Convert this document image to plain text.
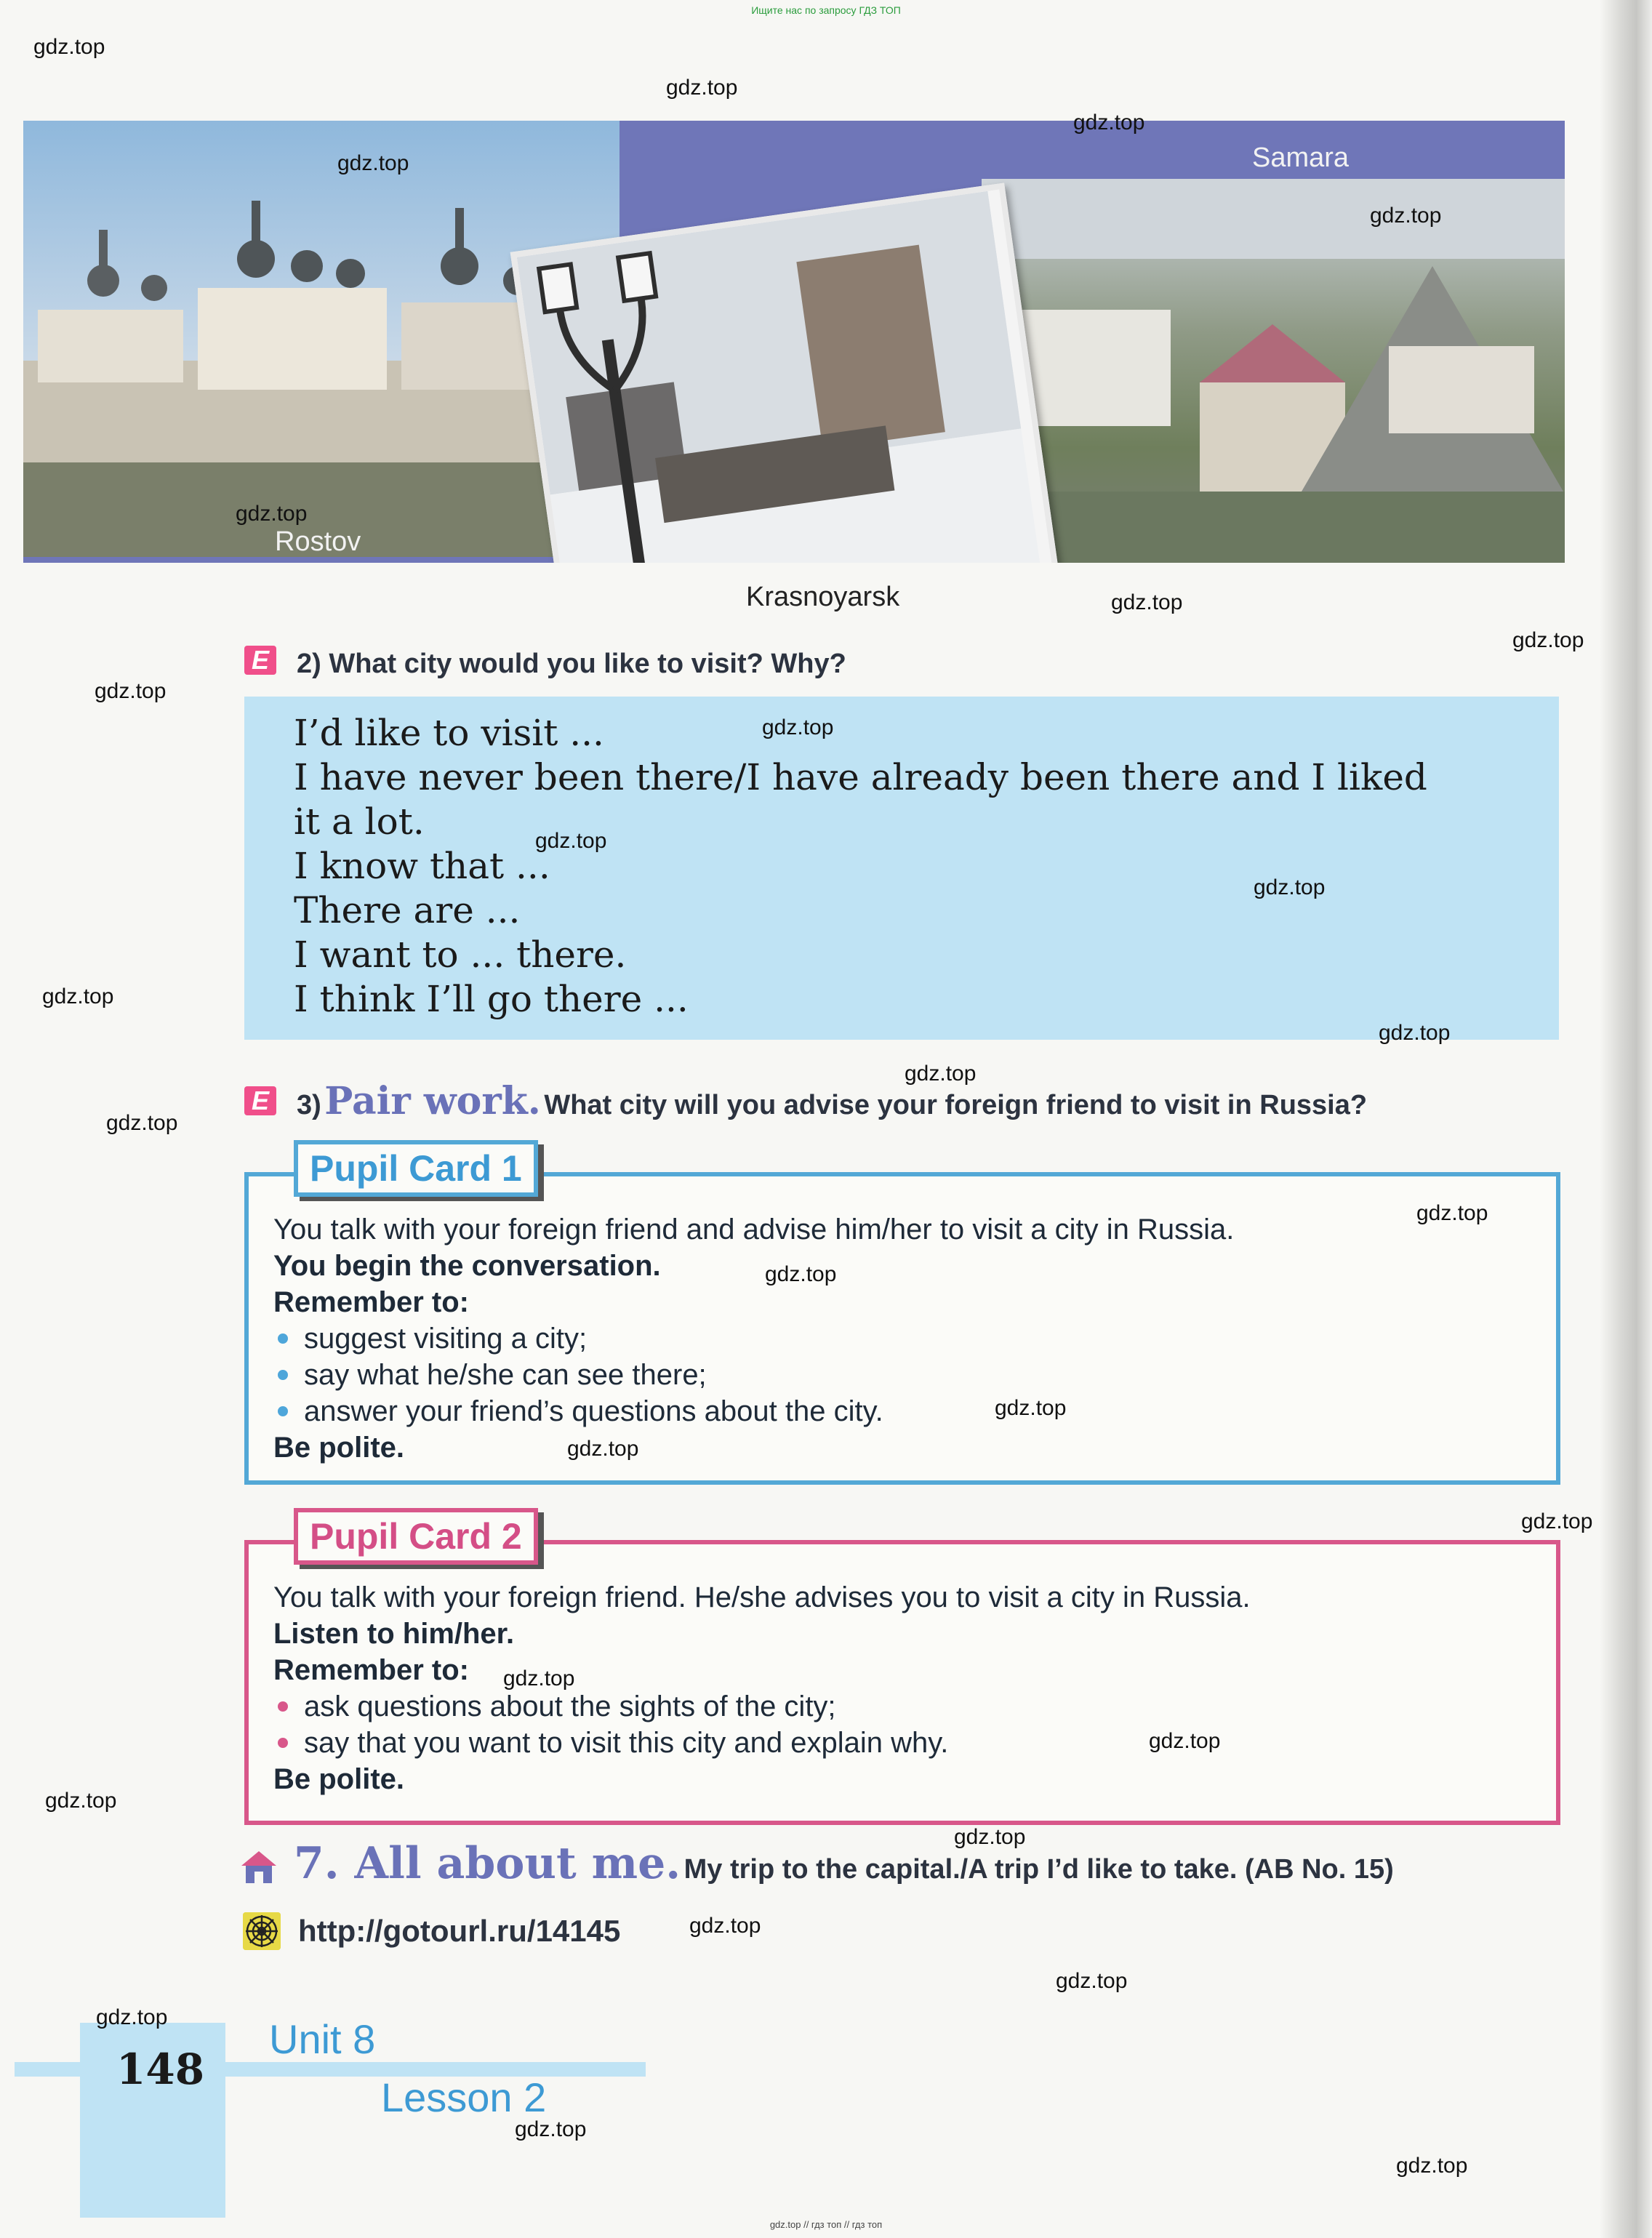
Ищите нас по запросу ГДЗ ТОП
Rostov
Samara
Krasnoyarsk
E 2) What city would you like to visit? Why?
I’d like to visit ...
I have never been there/I have already been there and I liked
it a lot.
I know that ...
There are ...
I want to ... there.
I think I’ll go there ...
E 3) Pair work. What city will you advise your foreign friend to visit in Russia?
Pupil Card 1
You talk with your foreign friend and advise him/her to visit a city in Russia.
You begin the conversation.
Remember to:
suggest visiting a city;
say what he/she can see there;
answer your friend’s questions about the city.
Be polite.
Pupil Card 2
You talk with your foreign friend. He/she advises you to visit a city in Russia.
Listen to him/her.
Remember to:
ask questions about the sights of the city;
say that you want to visit this city and explain why.
Be polite.
7. All about me. My trip to the capital./A trip I’d like to take. (AB No. 15)
http://gotourl.ru/14145
148
Unit 8
Lesson 2
gdz.top // гдз топ // гдз топ
gdz.top
gdz.top
gdz.top
gdz.top
gdz.top
gdz.top
gdz.top
gdz.top
gdz.top
gdz.top
gdz.top
gdz.top
gdz.top
gdz.top
gdz.top
gdz.top
gdz.top
gdz.top
gdz.top
gdz.top
gdz.top
gdz.top
gdz.top
gdz.top
gdz.top
gdz.top
gdz.top
gdz.top
gdz.top
gdz.top
